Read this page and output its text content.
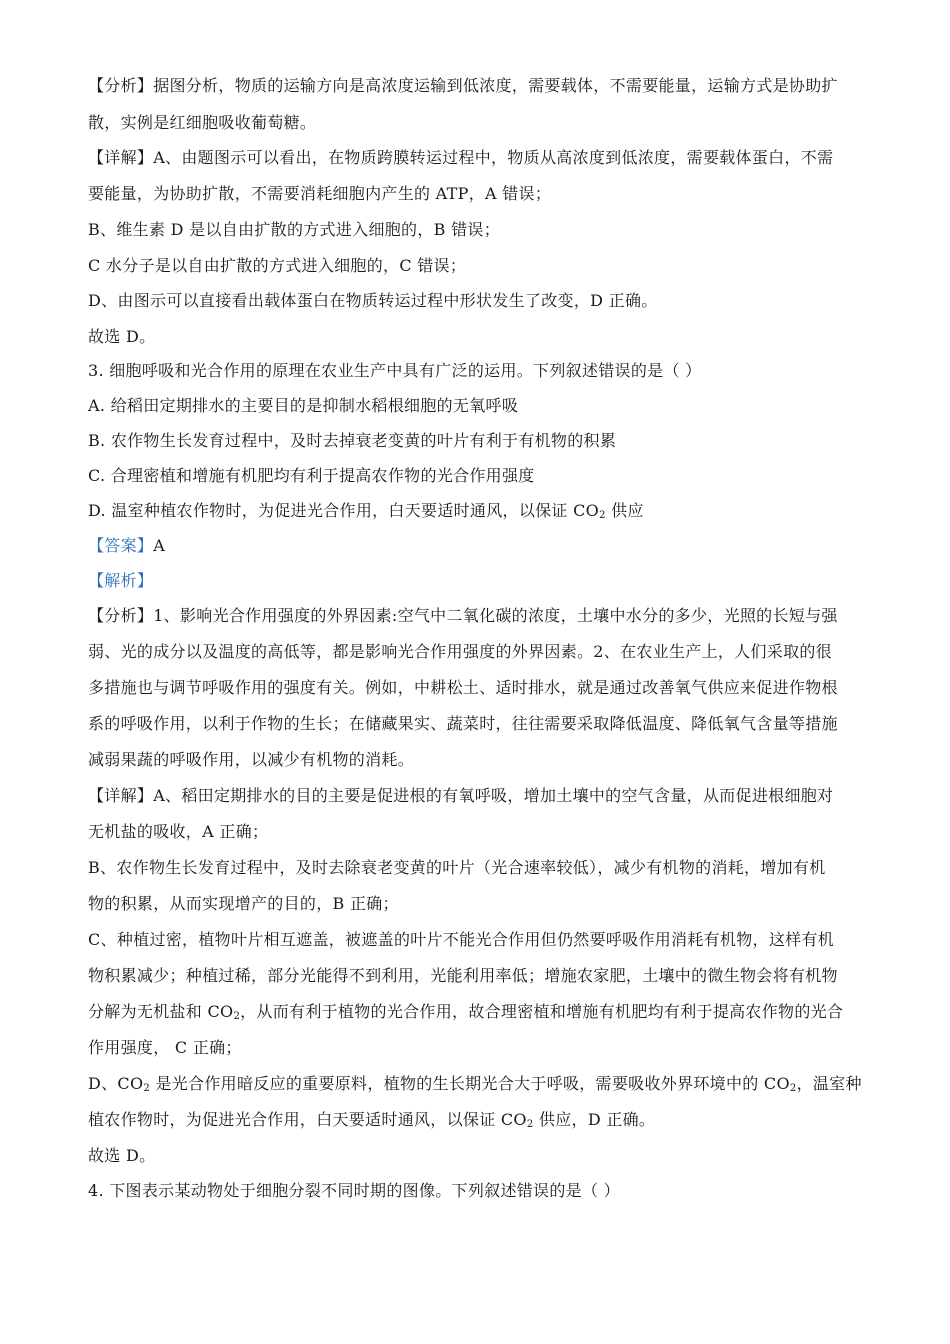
【分析】据图分析，物质的运输方向是高浓度运输到低浓度，需要载体，不需要能量，运输方式是协助扩
散，实例是红细胞吸收葡萄糖。
【详解】A、由题图示可以看出，在物质跨膜转运过程中，物质从高浓度到低浓度，需要载体蛋白，不需
要能量，为协助扩散，不需要消耗细胞内产生的 ATP，A 错误；
B、维生素 D 是以自由扩散的方式进入细胞的，B 错误；
C 水分子是以自由扩散的方式进入细胞的，C 错误；
D、由图示可以直接看出载体蛋白在物质转运过程中形状发生了改变，D 正确。
故选 D。
3. 细胞呼吸和光合作用的原理在农业生产中具有广泛的运用。下列叙述错误的是（ ）
A. 给稻田定期排水的主要目的是抑制水稻根细胞的无氧呼吸
B. 农作物生长发育过程中，及时去掉衰老变黄的叶片有利于有机物的积累
C. 合理密植和增施有机肥均有利于提高农作物的光合作用强度
D. 温室种植农作物时，为促进光合作用，白天要适时通风，以保证 $CO_2$ 供应
【答案】A
【解析】
【分析】1、影响光合作用强度的外界因素:空气中二氧化碳的浓度，土壤中水分的多少，光照的长短与强
弱、光的成分以及温度的高低等，都是影响光合作用强度的外界因素。2、在农业生产上，人们采取的很
多措施也与调节呼吸作用的强度有关。例如，中耕松土、适时排水，就是通过改善氧气供应来促进作物根
系的呼吸作用，以利于作物的生长；在储藏果实、蔬菜时，往往需要采取降低温度、降低氧气含量等措施
减弱果蔬的呼吸作用，以减少有机物的消耗。
【详解】A、稻田定期排水的目的主要是促进根的有氧呼吸，增加土壤中的空气含量，从而促进根细胞对
无机盐的吸收，A 正确；
B、农作物生长发育过程中，及时去除衰老变黄的叶片（光合速率较低），减少有机物的消耗，增加有机
物的积累，从而实现增产的目的，B 正确；
C、种植过密，植物叶片相互遮盖，被遮盖的叶片不能光合作用但仍然要呼吸作用消耗有机物，这样有机
物积累减少；种植过稀，部分光能得不到利用，光能利用率低；增施农家肥，土壤中的微生物会将有机物
分解为无机盐和 $CO_2$，从而有利于植物的光合作用，故合理密植和增施有机肥均有利于提高农作物的光合
作用强度， C 正确；
D、$CO_2$ 是光合作用暗反应的重要原料，植物的生长期光合大于呼吸，需要吸收外界环境中的 $CO_2$，温室种
植农作物时，为促进光合作用，白天要适时通风，以保证 $CO_2$ 供应，D 正确。
故选 D。
4. 下图表示某动物处于细胞分裂不同时期的图像。下列叙述错误的是（ ）
